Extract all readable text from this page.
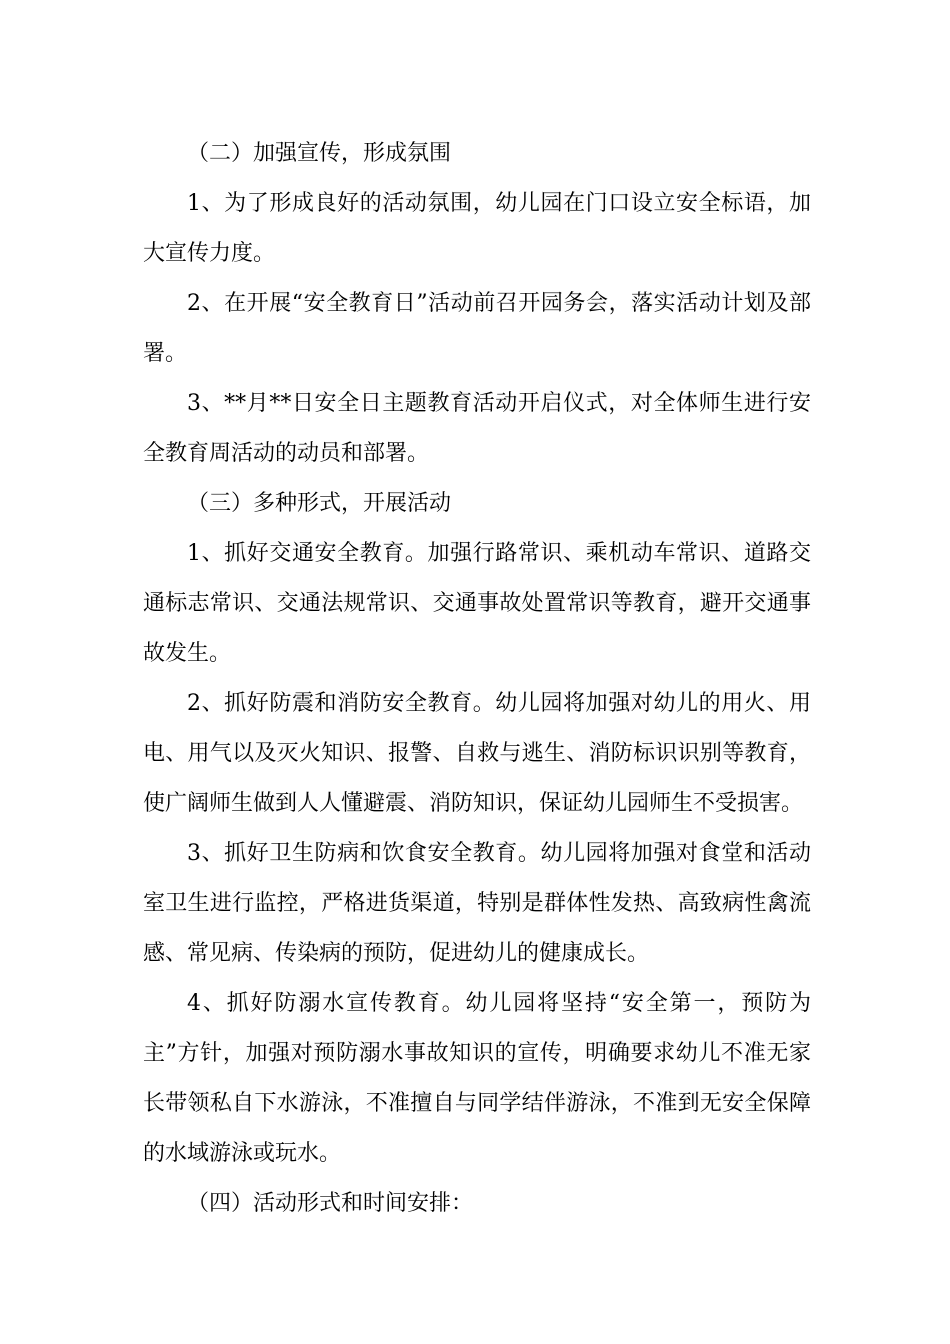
（二）加强宣传，形成氛围

1、为了形成良好的活动氛围，幼儿园在门口设立安全标语，加大宣传力度。

2、在开展“安全教育日”活动前召开园务会，落实活动计划及部署。

3、**月**日安全日主题教育活动开启仪式，对全体师生进行安全教育周活动的动员和部署。

（三）多种形式，开展活动

1、抓好交通安全教育。加强行路常识、乘机动车常识、道路交通标志常识、交通法规常识、交通事故处置常识等教育，避开交通事故发生。

2、抓好防震和消防安全教育。幼儿园将加强对幼儿的用火、用电、用气以及灭火知识、报警、自救与逃生、消防标识识别等教育，使广阔师生做到人人懂避震、消防知识，保证幼儿园师生不受损害。

3、抓好卫生防病和饮食安全教育。幼儿园将加强对食堂和活动室卫生进行监控，严格进货渠道，特别是群体性发热、高致病性禽流感、常见病、传染病的预防，促进幼儿的健康成长。

4、抓好防溺水宣传教育。幼儿园将坚持“安全第一，预防为主”方针，加强对预防溺水事故知识的宣传，明确要求幼儿不准无家长带领私自下水游泳，不准擅自与同学结伴游泳，不准到无安全保障的水域游泳或玩水。

（四）活动形式和时间安排：
